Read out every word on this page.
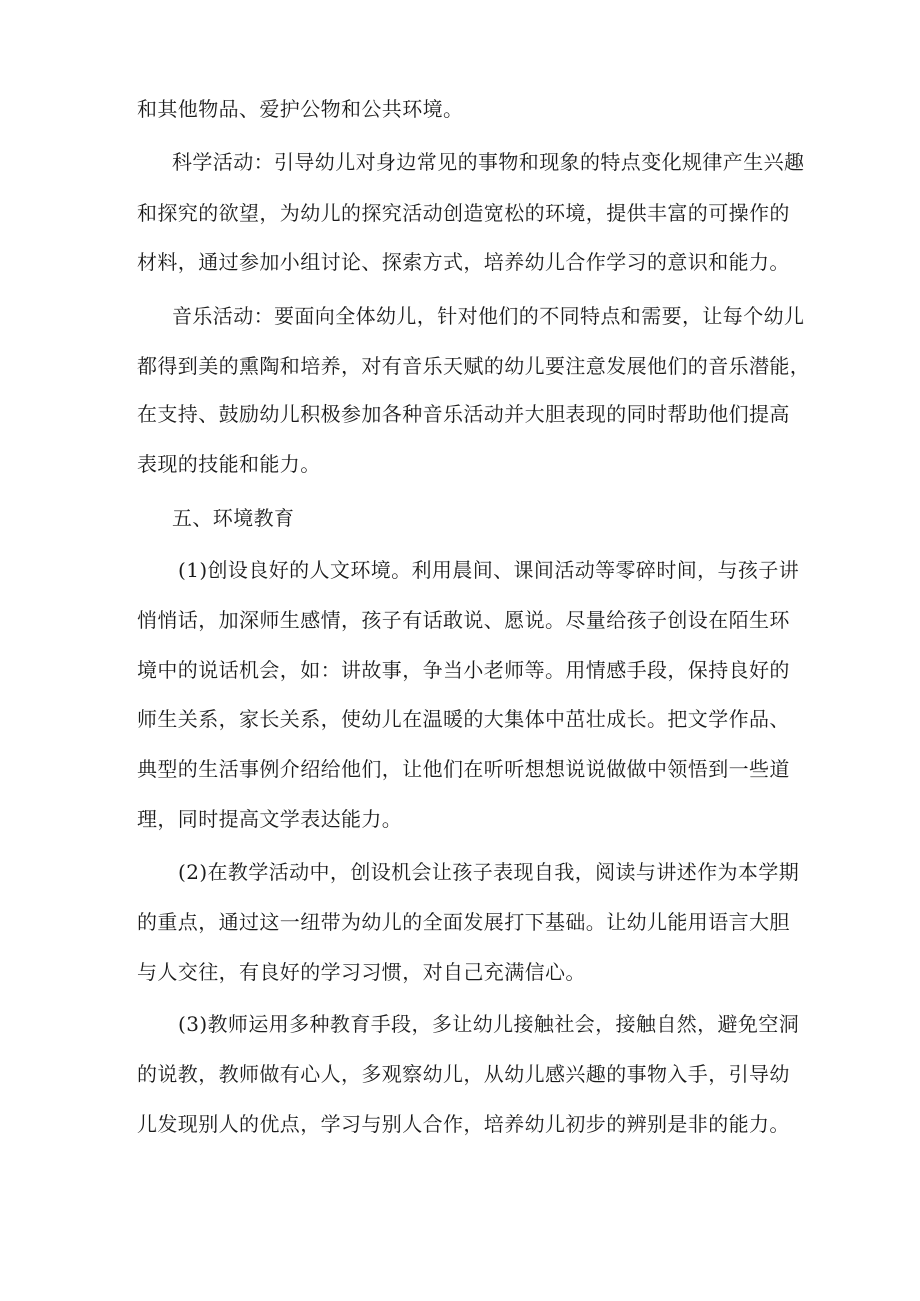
和其他物品、爱护公物和公共环境。

科学活动：引导幼儿对身边常见的事物和现象的特点变化规律产生兴趣

和探究的欲望，为幼儿的探究活动创造宽松的环境，提供丰富的可操作的

材料，通过参加小组讨论、探索方式，培养幼儿合作学习的意识和能力。

音乐活动：要面向全体幼儿，针对他们的不同特点和需要，让每个幼儿

都得到美的熏陶和培养，对有音乐天赋的幼儿要注意发展他们的音乐潜能，

在支持、鼓励幼儿积极参加各种音乐活动并大胆表现的同时帮助他们提高

表现的技能和能力。

五、环境教育

(1)创设良好的人文环境。利用晨间、课间活动等零碎时间，与孩子讲

悄悄话，加深师生感情，孩子有话敢说、愿说。尽量给孩子创设在陌生环

境中的说话机会，如：讲故事，争当小老师等。用情感手段，保持良好的

师生关系，家长关系，使幼儿在温暖的大集体中茁壮成长。把文学作品、

典型的生活事例介绍给他们，让他们在听听想想说说做做中领悟到一些道

理，同时提高文学表达能力。

(2)在教学活动中，创设机会让孩子表现自我，阅读与讲述作为本学期

的重点，通过这一纽带为幼儿的全面发展打下基础。让幼儿能用语言大胆

与人交往，有良好的学习习惯，对自己充满信心。

(3)教师运用多种教育手段，多让幼儿接触社会，接触自然，避免空洞

的说教，教师做有心人，多观察幼儿，从幼儿感兴趣的事物入手，引导幼

儿发现别人的优点，学习与别人合作，培养幼儿初步的辨别是非的能力。
